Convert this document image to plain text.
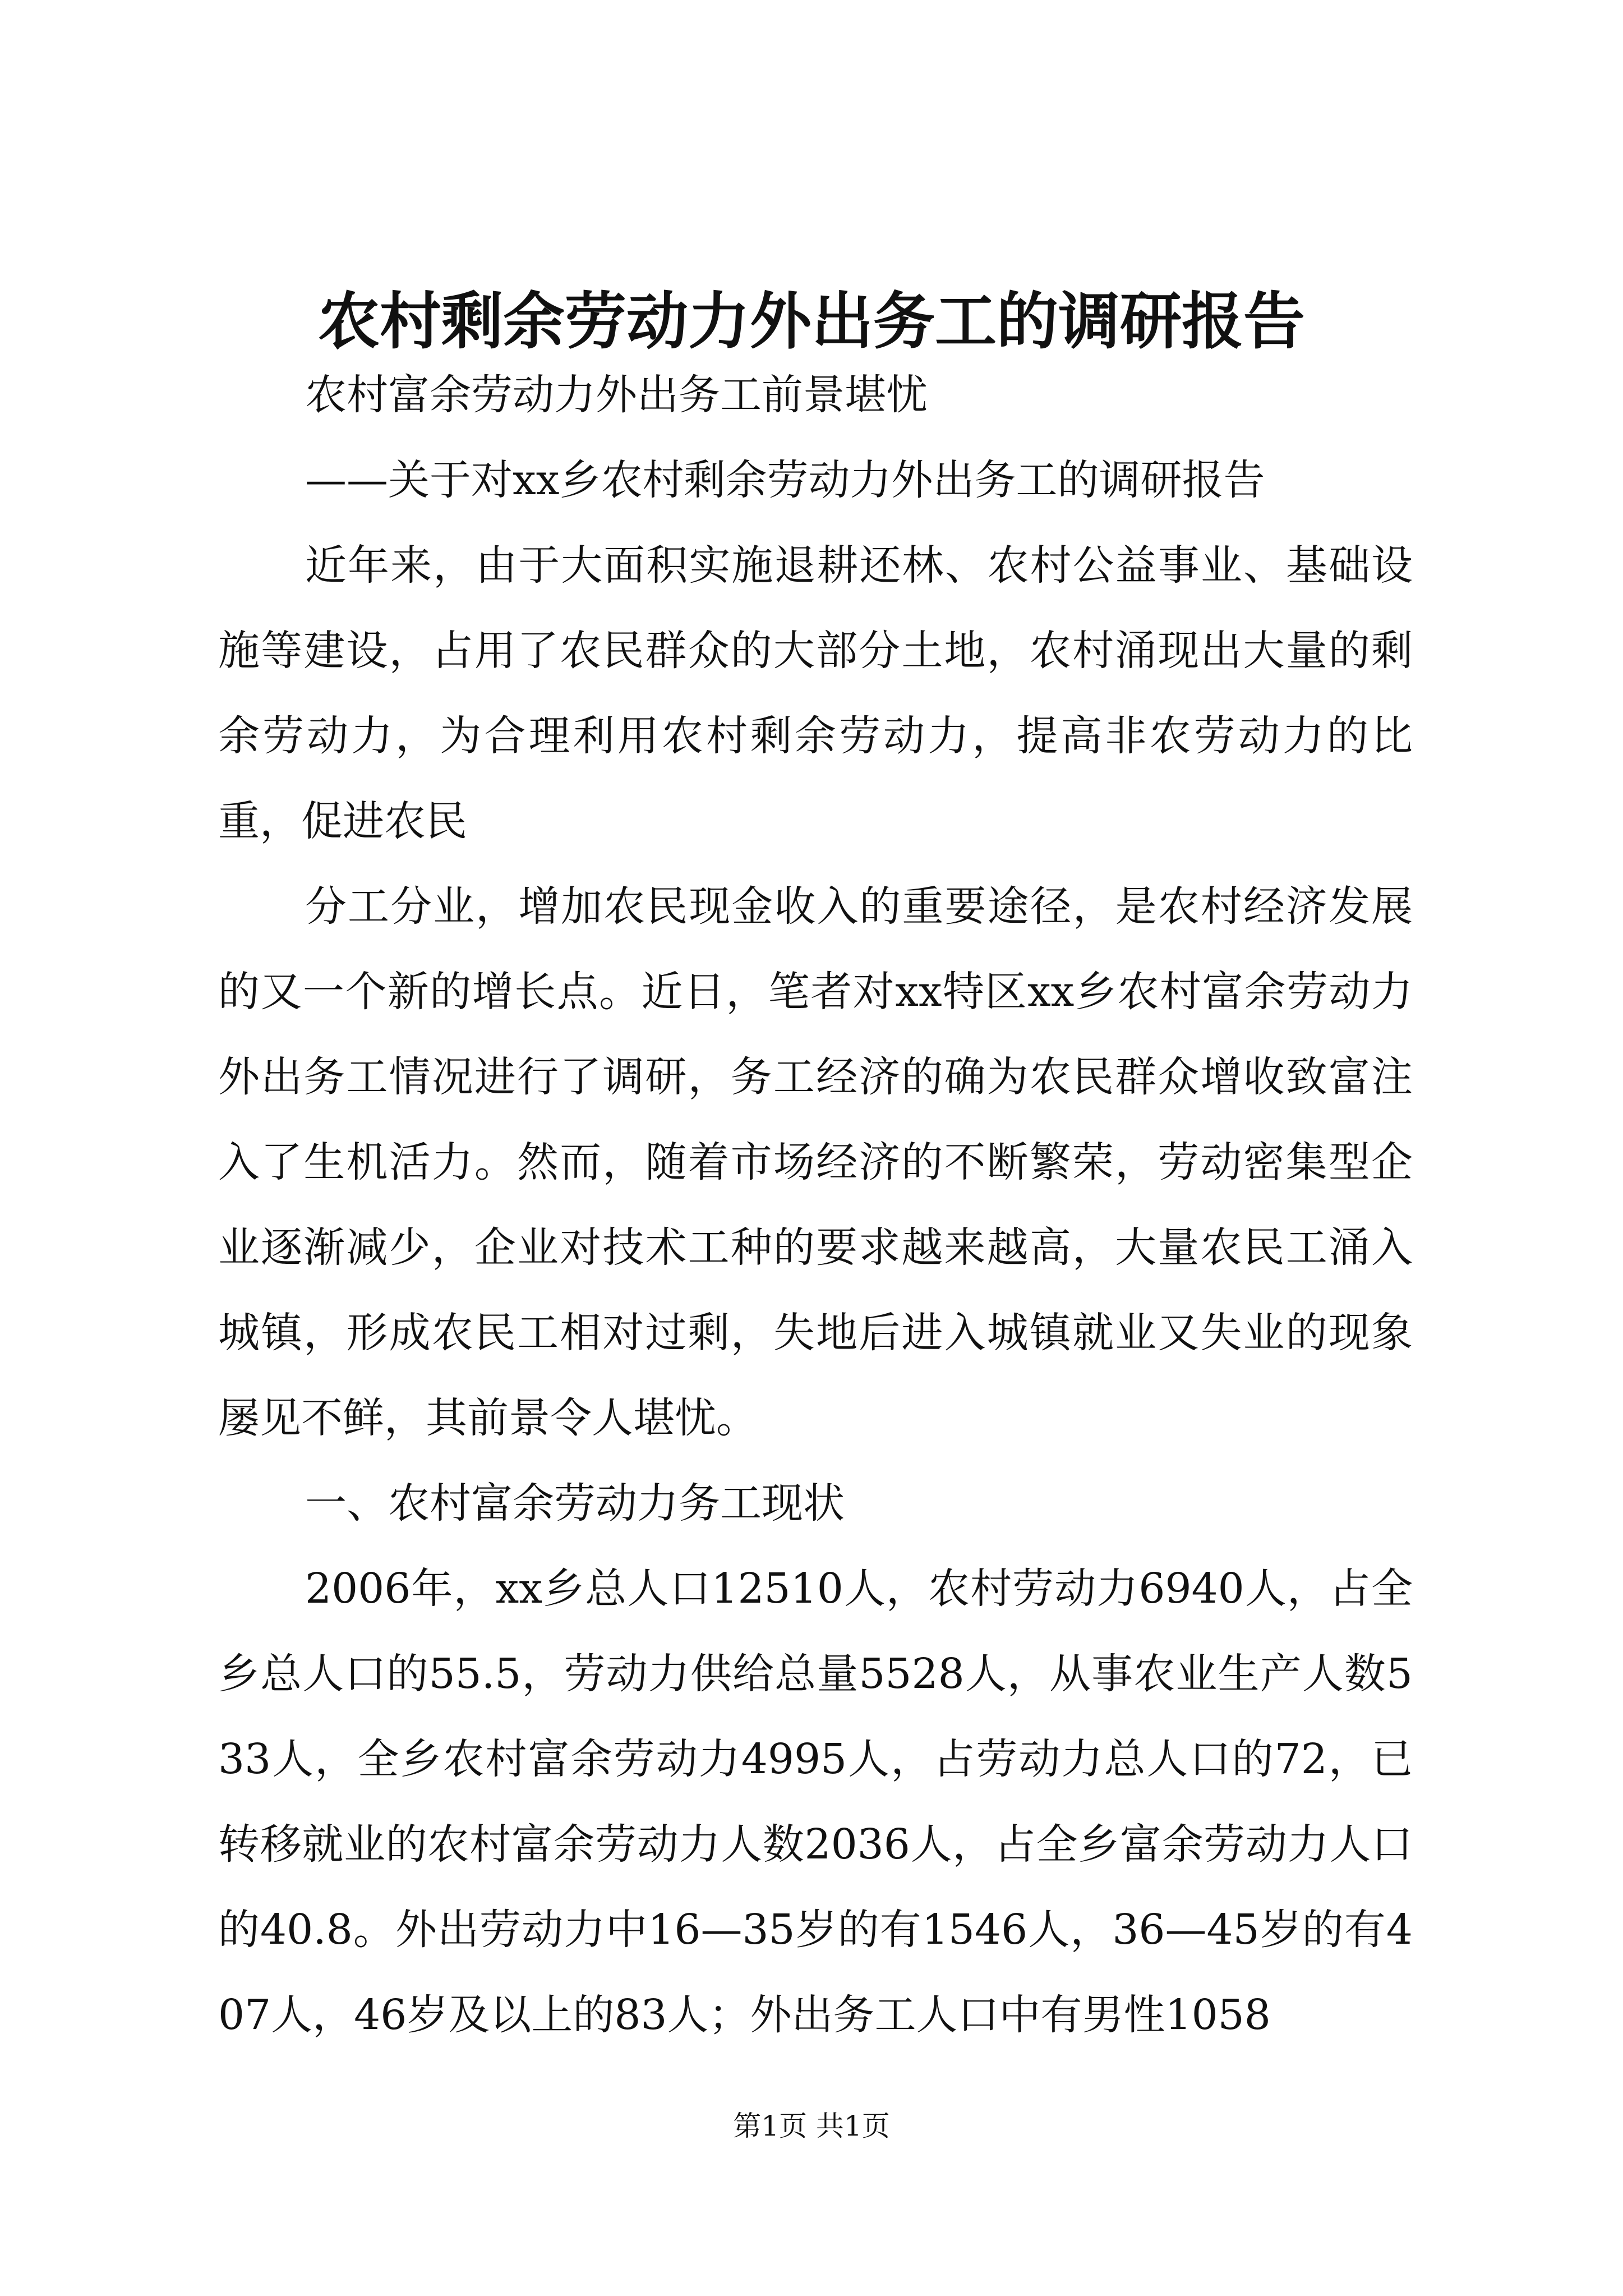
农村剩余劳动力外出务工的调研报告

农村富余劳动力外出务工前景堪忧

——关于对xx乡农村剩余劳动力外出务工的调研报告

近年来，由于大面积实施退耕还林、农村公益事业、基础设施等建设，占用了农民群众的大部分土地，农村涌现出大量的剩余劳动力，为合理利用农村剩余劳动力，提高非农劳动力的比重，促进农民

分工分业，增加农民现金收入的重要途径，是农村经济发展的又一个新的增长点。近日，笔者对xx特区xx乡农村富余劳动力外出务工情况进行了调研，务工经济的确为农民群众增收致富注入了生机活力。然而，随着市场经济的不断繁荣，劳动密集型企业逐渐减少，企业对技术工种的要求越来越高，大量农民工涌入城镇，形成农民工相对过剩，失地后进入城镇就业又失业的现象屡见不鲜，其前景令人堪忧。

一、农村富余劳动力务工现状

2006年，xx乡总人口12510人，农村劳动力6940人，占全乡总人口的55.5，劳动力供给总量5528人，从事农业生产人数533人，全乡农村富余劳动力4995人，占劳动力总人口的72，已转移就业的农村富余劳动力人数2036人，占全乡富余劳动力人口的40.8。外出劳动力中16—35岁的有1546人，36—45岁的有407人，46岁及以上的83人；外出务工人口中有男性1058

第1页 共1页
